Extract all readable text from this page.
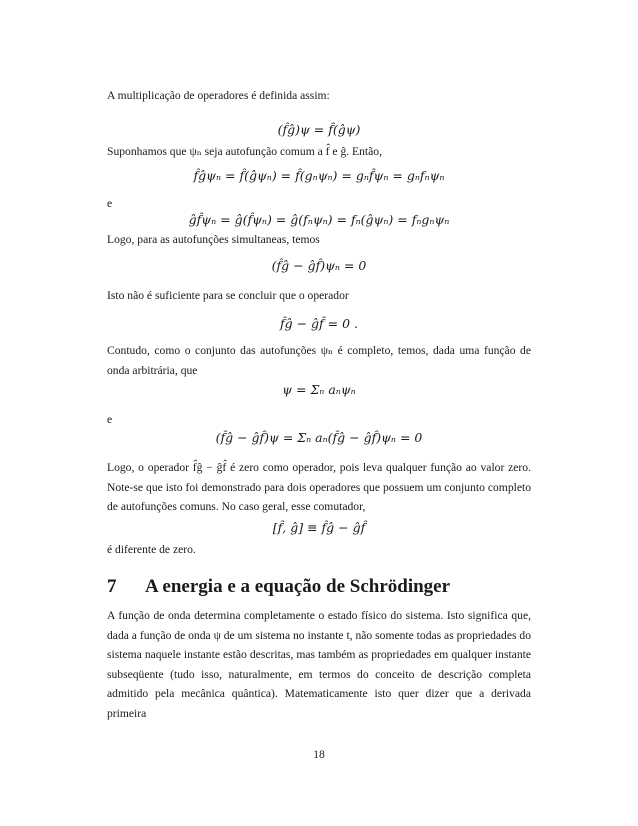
A multiplicação de operadores é definida assim:

(f̂ĝ)ψ = f̂(ĝψ)

Suponhamos que ψₙ seja autofunção comum a f̂ e ĝ. Então,

f̂ĝψₙ = f̂(ĝψₙ) = f̂(gₙψₙ) = gₙf̂ψₙ = gₙfₙψₙ

e

ĝf̂ψₙ = ĝ(f̂ψₙ) = ĝ(fₙψₙ) = fₙ(ĝψₙ) = fₙgₙψₙ

Logo, para as autofunções simultaneas, temos

(f̂ĝ − ĝf̂)ψₙ = 0

Isto não é suficiente para se concluir que o operador

f̂ĝ − ĝf̂ = 0 .

Contudo, como o conjunto das autofunções ψₙ é completo, temos, dada uma função de onda arbitrária, que

ψ = Σₙ aₙψₙ

e

(f̂ĝ − ĝf̂)ψ = Σₙ aₙ(f̂ĝ − ĝf̂)ψₙ = 0

Logo, o operador f̂ĝ − ĝf̂ é zero como operador, pois leva qualquer função ao valor zero. Note-se que isto foi demonstrado para dois operadores que possuem um conjunto completo de autofunções comuns. No caso geral, esse comutador,

[f̂, ĝ] ≡ f̂ĝ − ĝf̂

é diferente de zero.

7 A energia e a equação de Schrödinger

A função de onda determina completamente o estado físico do sistema. Isto significa que, dada a função de onda ψ de um sistema no instante t, não somente todas as propriedades do sistema naquele instante estão descritas, mas também as propriedades em qualquer instante subseqüente (tudo isso, naturalmente, em termos do conceito de descrição completa admitido pela mecânica quântica). Matematicamente isto quer dizer que a derivada primeira

18
